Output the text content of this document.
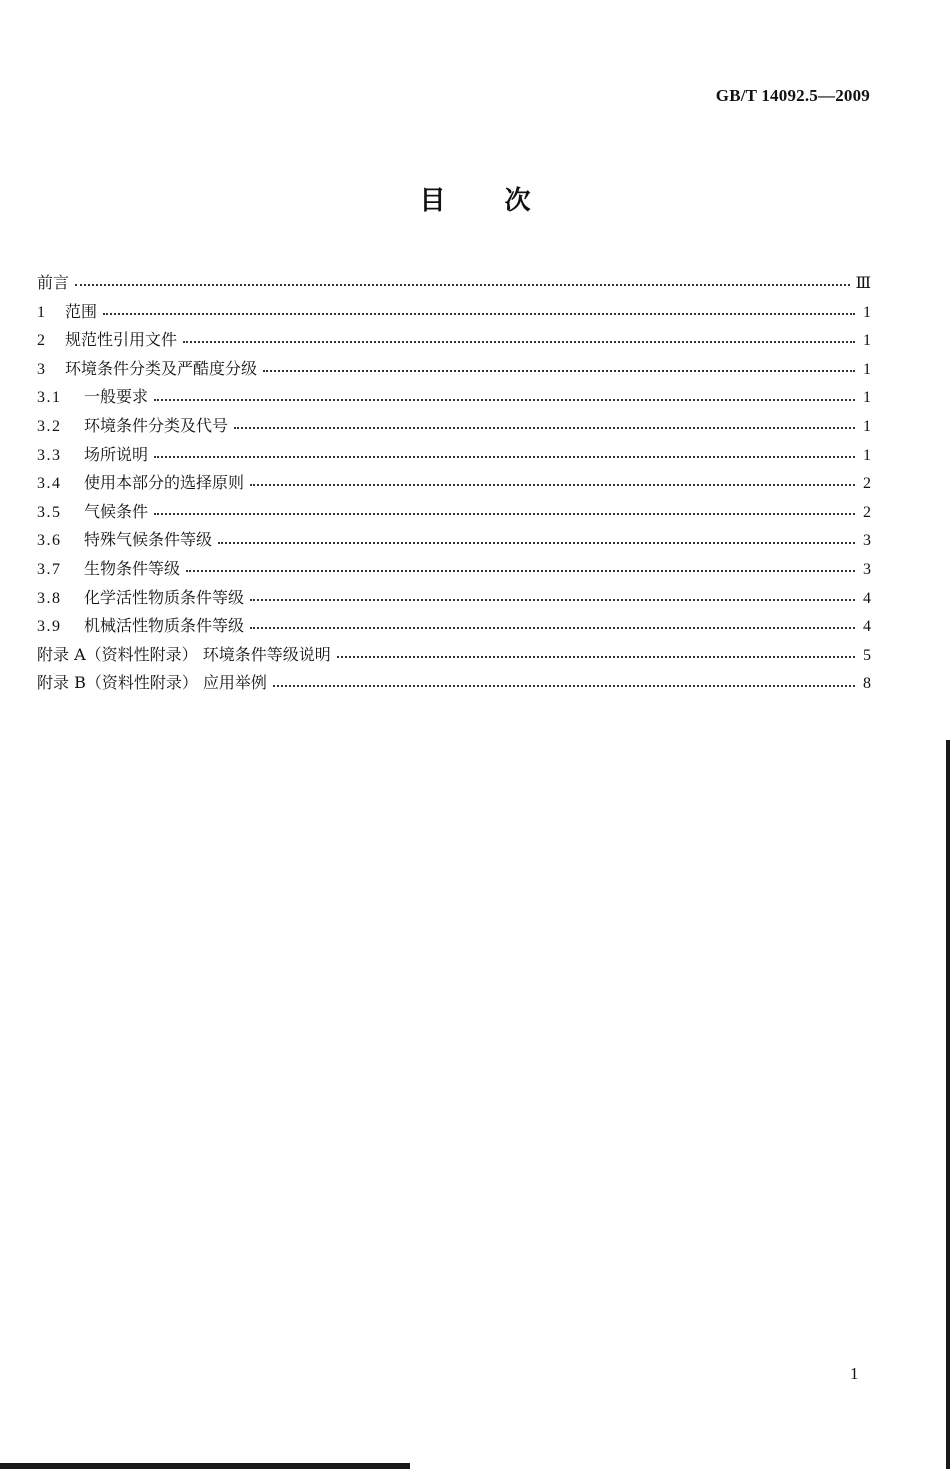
GB/T 14092.5—2009
目 次
前言	Ⅲ
1	范围	1
2	规范性引用文件	1
3	环境条件分类及严酷度分级	1
3.1	一般要求	1
3.2	环境条件分类及代号	1
3.3	场所说明	1
3.4	使用本部分的选择原则	2
3.5	气候条件	2
3.6	特殊气候条件等级	3
3.7	生物条件等级	3
3.8	化学活性物质条件等级	4
3.9	机械活性物质条件等级	4
附录 A（资料性附录） 环境条件等级说明	5
附录 B（资料性附录） 应用举例	8
1
